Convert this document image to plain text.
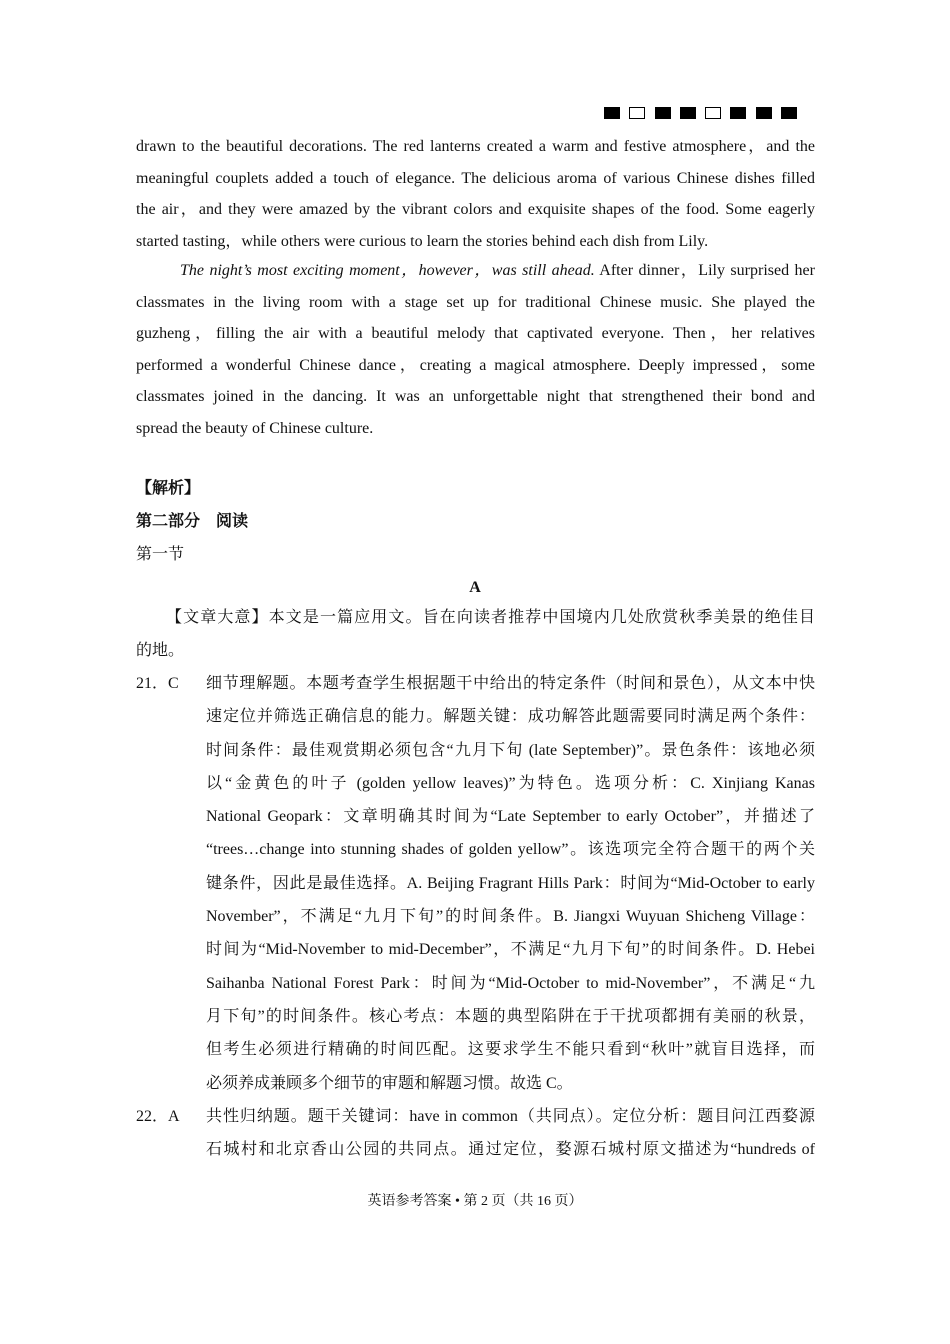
drawn to the beautiful decorations. The red lanterns created a warm and festive atmosphere，and the
meaningful couplets added a touch of elegance. The delicious aroma of various Chinese dishes filled
the air，and they were amazed by the vibrant colors and exquisite shapes of the food. Some eagerly
started tasting，while others were curious to learn the stories behind each dish from Lily.
The night’s most exciting moment，however，was still ahead. After dinner，Lily surprised her
classmates in the living room with a stage set up for traditional Chinese music. She played the
guzheng，filling the air with a beautiful melody that captivated everyone. Then，her relatives
performed a wonderful Chinese dance，creating a magical atmosphere. Deeply impressed，some
classmates joined in the dancing. It was an unforgettable night that strengthened their bond and
spread the beauty of Chinese culture.
【解析】
第二部分　阅读
第一节
A
【文章大意】本文是一篇应用文。旨在向读者推荐中国境内几处欣赏秋季美景的绝佳目
的地。
21．C	细节理解题。本题考查学生根据题干中给出的特定条件（时间和景色），从文本中快
速定位并筛选正确信息的能力。解题关键：成功解答此题需要同时满足两个条件：
时间条件：最佳观赏期必须包含“九月下旬 (late September)”。景色条件：该地必须
以“金黄色的叶子 (golden yellow leaves)”为特色。选项分析：C. Xinjiang Kanas
National Geopark：文章明确其时间为“Late September to early October”，并描述了
“trees…change into stunning shades of golden yellow”。该选项完全符合题干的两个关
键条件，因此是最佳选择。A. Beijing Fragrant Hills Park：时间为“Mid-October to early
November”，不满足“九月下旬”的时间条件。B. Jiangxi Wuyuan Shicheng Village：
时间为“Mid-November to mid-December”，不满足“九月下旬”的时间条件。D. Hebei
Saihanba National Forest Park：时间为“Mid-October to mid-November”，不满足“九
月下旬”的时间条件。核心考点：本题的典型陷阱在于干扰项都拥有美丽的秋景，
但考生必须进行精确的时间匹配。这要求学生不能只看到“秋叶”就盲目选择，而
必须养成兼顾多个细节的审题和解题习惯。故选 C。
22．A	共性归纳题。题干关键词：have in common（共同点）。定位分析：题目问江西婺源
石城村和北京香山公园的共同点。通过定位，婺源石城村原文描述为“hundreds of
英语参考答案 • 第 2 页（共 16 页）
